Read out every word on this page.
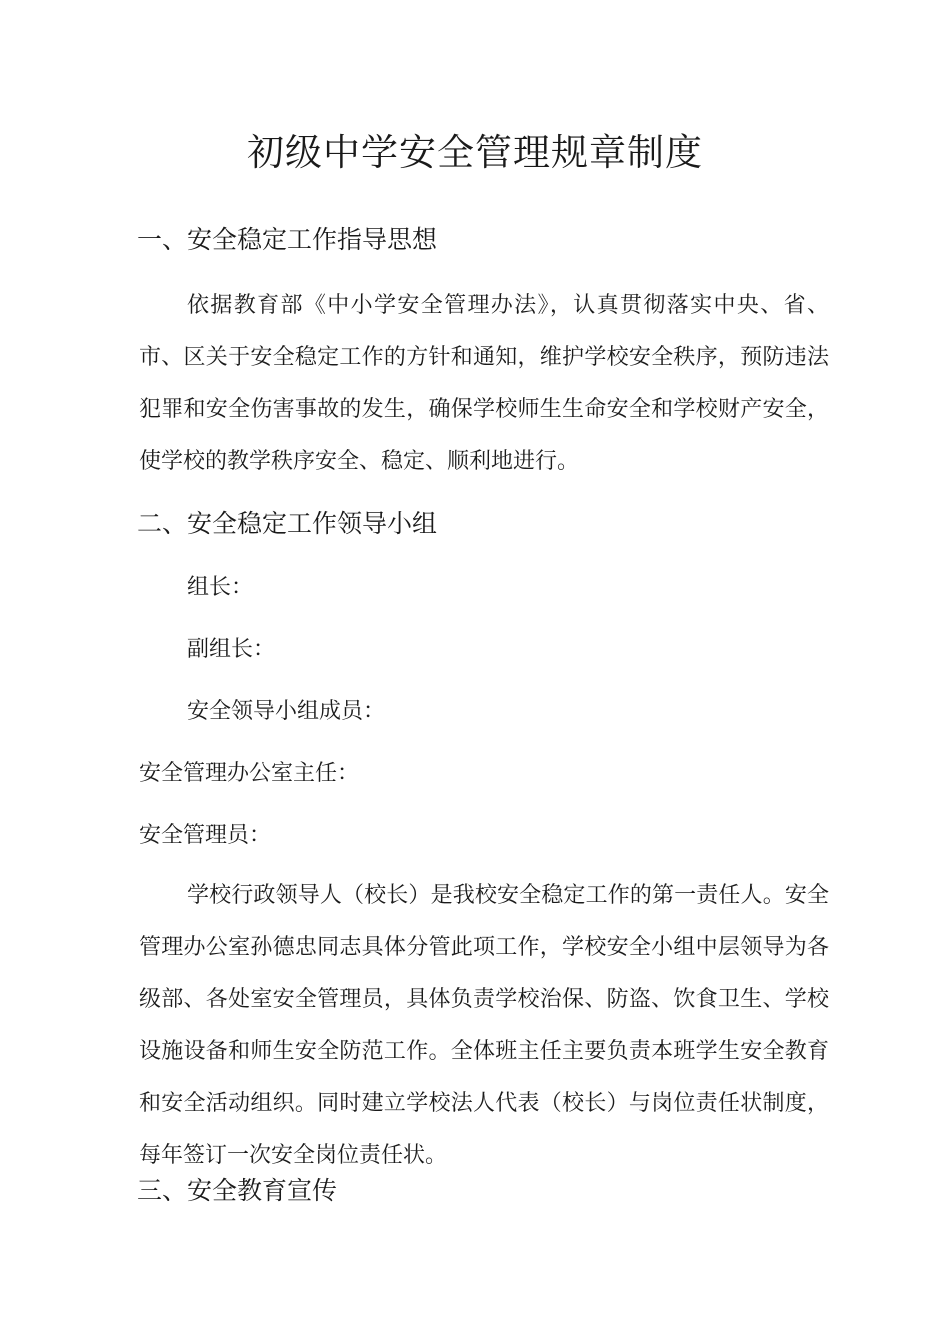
初级中学安全管理规章制度
一、安全稳定工作指导思想
依据教育部《中小学安全管理办法》，认真贯彻落实中央、省、市、区关于安全稳定工作的方针和通知，维护学校安全秩序，预防违法犯罪和安全伤害事故的发生，确保学校师生生命安全和学校财产安全，使学校的教学秩序安全、稳定、顺利地进行。
二、安全稳定工作领导小组
组长：
副组长：
安全领导小组成员：
安全管理办公室主任：
安全管理员：
学校行政领导人（校长）是我校安全稳定工作的第一责任人。安全管理办公室孙德忠同志具体分管此项工作，学校安全小组中层领导为各级部、各处室安全管理员，具体负责学校治保、防盗、饮食卫生、学校设施设备和师生安全防范工作。全体班主任主要负责本班学生安全教育和安全活动组织。同时建立学校法人代表（校长）与岗位责任状制度，每年签订一次安全岗位责任状。
三、安全教育宣传
